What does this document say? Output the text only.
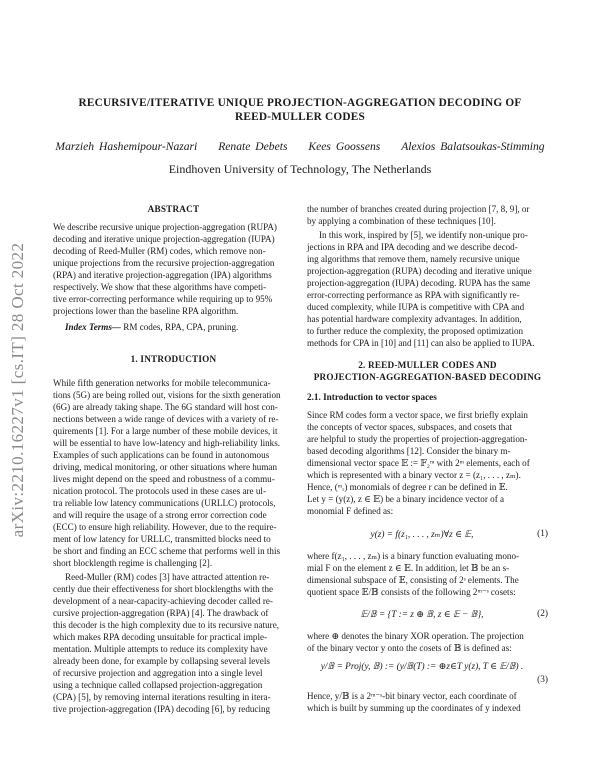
arXiv:2210.16227v1 [cs.IT] 28 Oct 2022
RECURSIVE/ITERATIVE UNIQUE PROJECTION-AGGREGATION DECODING OF
REED-MULLER CODES
Marzieh Hashemipour-Nazari Renate Debets Kees Goossens Alexios Balatsoukas-Stimming
Eindhoven University of Technology, The Netherlands
ABSTRACT
We describe recursive unique projection-aggregation (RUPA)
decoding and iterative unique projection-aggregation (IUPA)
decoding of Reed-Muller (RM) codes, which remove non-
unique projections from the recursive projection-aggregation
(RPA) and iterative projection-aggregation (IPA) algorithms
respectively. We show that these algorithms have competi-
tive error-correcting performance while requiring up to 95%
projections lower than the baseline RPA algorithm.
Index Terms— RM codes, RPA, CPA, pruning.
1. INTRODUCTION
While fifth generation networks for mobile telecommunica-
tions (5G) are being rolled out, visions for the sixth generation
(6G) are already taking shape. The 6G standard will host con-
nections between a wide range of devices with a variety of re-
quirements [1]. For a large number of these mobile devices, it
will be essential to have low-latency and high-reliability links.
Examples of such applications can be found in autonomous
driving, medical monitoring, or other situations where human
lives might depend on the speed and robustness of a commu-
nication protocol. The protocols used in these cases are ul-
tra reliable low latency communications (URLLC) protocols,
and will require the usage of a strong error correction code
(ECC) to ensure high reliability. However, due to the require-
ment of low latency for URLLC, transmitted blocks need to
be short and finding an ECC scheme that performs well in this
short blocklength regime is challenging [2].
Reed-Muller (RM) codes [3] have attracted attention re-
cently due their effectiveness for short blocklengths with the
development of a near-capacity-achieving decoder called re-
cursive projection-aggregation (RPA) [4]. The drawback of
this decoder is the high complexity due to its recursive nature,
which makes RPA decoding unsuitable for practical imple-
mentation. Multiple attempts to reduce its complexity have
already been done, for example by collapsing several levels
of recursive projection and aggregation into a single level
using a technique called collapsed projection-aggregation
(CPA) [5], by removing internal iterations resulting in itera-
tive projection-aggregation (IPA) decoding [6], by reducing
the number of branches created during projection [7, 8, 9], or
by applying a combination of these techniques [10].
In this work, inspired by [5], we identify non-unique pro-
jections in RPA and IPA decoding and we describe decod-
ing algorithms that remove them, namely recursive unique
projection-aggregation (RUPA) decoding and iterative unique
projection-aggregation (IUPA) decoding. RUPA has the same
error-correcting performance as RPA with significantly re-
duced complexity, while IUPA is competitive with CPA and
has potential hardware complexity advantages. In addition,
to further reduce the complexity, the proposed optimization
methods for CPA in [10] and [11] can also be applied to IUPA.
2. REED-MULLER CODES AND
PROJECTION-AGGREGATION-BASED DECODING
2.1. Introduction to vector spaces
Since RM codes form a vector space, we first briefly explain
the concepts of vector spaces, subspaces, and cosets that
are helpful to study the properties of projection-aggregation-
based decoding algorithms [12]. Consider the binary m-
dimensional vector space 𝔼 := 𝔽₂ᵐ with 2ᵐ elements, each of
which is represented with a binary vector z = (z₁, . . . , zₘ).
Hence, (ᵐᵣ) monomials of degree r can be defined in 𝔼.
Let y = (y(z), z ∈ 𝔼) be a binary incidence vector of a
monomial F defined as:
y(z) = f(z₁, . . . , zₘ)∀z ∈ 𝔼,	(1)
where f(z₁, . . . , zₘ) is a binary function evaluating mono-
mial F on the element z ∈ 𝔼. In addition, let 𝔹 be an s-
dimensional subspace of 𝔼, consisting of 2ˢ elements. The
quotient space 𝔼/𝔹 consists of the following 2ᵐ⁻ˢ cosets:
𝔼/𝔹 = {T := z ⊕ 𝔹, z ∈ 𝔼 − 𝔹},	(2)
where ⊕ denotes the binary XOR operation. The projection
of the binary vector y onto the cosets of 𝔹 is defined as:
y/𝔹 = Proj(y, 𝔹) := (y/𝔹(T) := ⊕z∈T y(z), T ∈ 𝔼/𝔹) .
(3)
Hence, y/𝔹 is a 2ᵐ⁻ˢ-bit binary vector, each coordinate of
which is built by summing up the coordinates of y indexed
